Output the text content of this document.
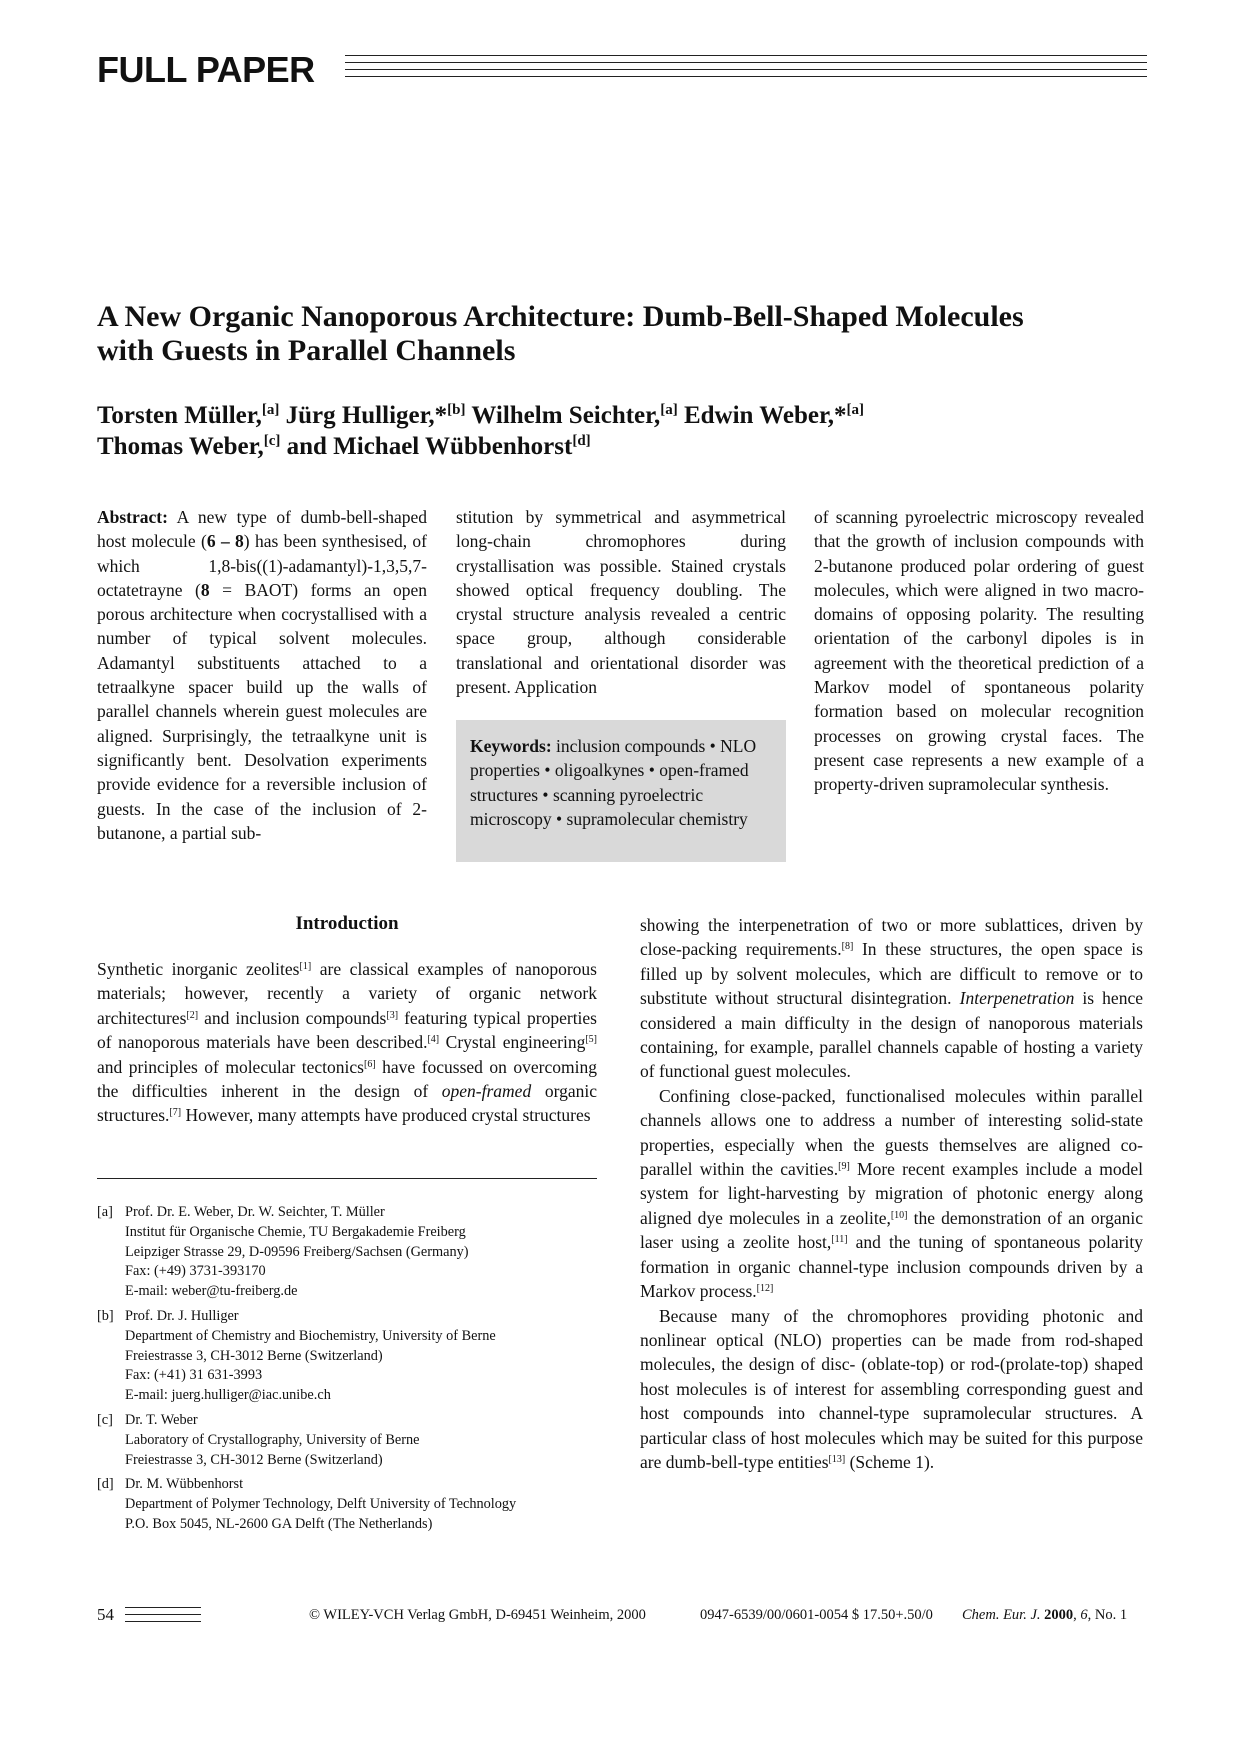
FULL PAPER
A New Organic Nanoporous Architecture: Dumb-Bell-Shaped Molecules
with Guests in Parallel Channels
Torsten Müller,[a] Jürg Hulliger,*[b] Wilhelm Seichter,[a] Edwin Weber,*[a]
Thomas Weber,[c] and Michael Wübbenhorst[d]
Abstract: A new type of dumb-bell-shaped host molecule (6 – 8) has been synthesised, of which 1,8-bis((1)-adamantyl)-1,3,5,7-octatetrayne (8 = BAOT) forms an open porous architecture when cocrystallised with a number of typical solvent molecules. Adamantyl substituents attached to a tetraalkyne spacer build up the walls of parallel channels wherein guest molecules are aligned. Surprisingly, the tetraalkyne unit is significantly bent. Desolvation experiments provide evidence for a reversible inclusion of guests. In the case of the inclusion of 2-butanone, a partial sub-
stitution by symmetrical and asymmetrical long-chain chromophores during crystallisation was possible. Stained crystals showed optical frequency doubling. The crystal structure analysis revealed a centric space group, although considerable translational and orientational disorder was present. Application
of scanning pyroelectric microscopy revealed that the growth of inclusion compounds with 2-butanone produced polar ordering of guest molecules, which were aligned in two macro-domains of opposing polarity. The resulting orientation of the carbonyl dipoles is in agreement with the theoretical prediction of a Markov model of spontaneous polarity formation based on molecular recognition processes on growing crystal faces. The present case represents a new example of a property-driven supramolecular synthesis.
Keywords: inclusion compounds • NLO properties • oligoalkynes • open-framed structures • scanning pyroelectric microscopy • supramolecular chemistry
Introduction

Synthetic inorganic zeolites[1] are classical examples of nanoporous materials; however, recently a variety of organic network architectures[2] and inclusion compounds[3] featuring typical properties of nanoporous materials have been described.[4] Crystal engineering[5] and principles of molecular tectonics[6] have focussed on overcoming the difficulties inherent in the design of open-framed organic structures.[7] However, many attempts have produced crystal structures

showing the interpenetration of two or more sublattices, driven by close-packing requirements.[8] In these structures, the open space is filled up by solvent molecules, which are difficult to remove or to substitute without structural disintegration. Interpenetration is hence considered a main difficulty in the design of nanoporous materials containing, for example, parallel channels capable of hosting a variety of functional guest molecules.

Confining close-packed, functionalised molecules within parallel channels allows one to address a number of interesting solid-state properties, especially when the guests themselves are aligned co-parallel within the cavities.[9] More recent examples include a model system for light-harvesting by migration of photonic energy along aligned dye molecules in a zeolite,[10] the demonstration of an organic laser using a zeolite host,[11] and the tuning of spontaneous polarity formation in organic channel-type inclusion compounds driven by a Markov process.[12]

Because many of the chromophores providing photonic and nonlinear optical (NLO) properties can be made from rod-shaped molecules, the design of disc- (oblate-top) or rod-(prolate-top) shaped host molecules is of interest for assembling corresponding guest and host compounds into channel-type supramolecular structures. A particular class of host molecules which may be suited for this purpose are dumb-bell-type entities[13] (Scheme 1).

[a] Prof. Dr. E. Weber, Dr. W. Seichter, T. Müller
Institut für Organische Chemie, TU Bergakademie Freiberg
Leipziger Strasse 29, D-09596 Freiberg/Sachsen (Germany)
Fax: (+49) 3731-393170
E-mail: weber@tu-freiberg.de
[b] Prof. Dr. J. Hulliger
Department of Chemistry and Biochemistry, University of Berne
Freiestrasse 3, CH-3012 Berne (Switzerland)
Fax: (+41) 31 631-3993
E-mail: juerg.hulliger@iac.unibe.ch
[c] Dr. T. Weber
Laboratory of Crystallography, University of Berne
Freiestrasse 3, CH-3012 Berne (Switzerland)
[d] Dr. M. Wübbenhorst
Department of Polymer Technology, Delft University of Technology
P.O. Box 5045, NL-2600 GA Delft (The Netherlands)
54	© WILEY-VCH Verlag GmbH, D-69451 Weinheim, 2000	0947-6539/00/0601-0054 $ 17.50+.50/0 Chem. Eur. J. 2000, 6, No. 1
